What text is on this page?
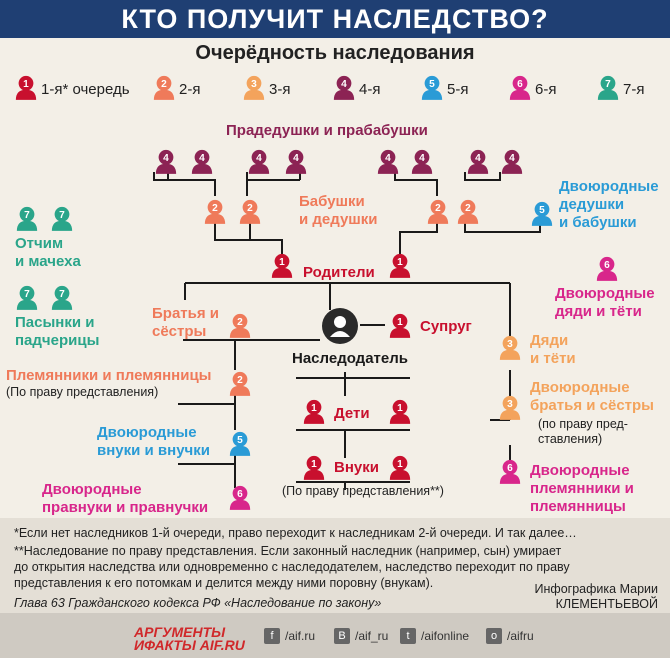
КТО ПОЛУЧИТ НАСЛЕДСТВО?
Очерёдность наследования
1 1-я* очередь	2 2-я	3 3-я	4 4-я	5 5-я	6 6-я	7 7-я
4	4	4	4	4	4	4	4
2	2	2 2	5
7	7
7	7
1	1	6
2	1
3
2
3
1	1
5
1	1	6
6
Прадедушки и прабабушки
Бабушки
и дедушки
Двоюродные
дедушки
и бабушки
Отчим
и мачеха
Пасынки и
падчерицы
Родители
Двоюродные
дяди и тёти
Братья и
сёстры
Наследодатель
Супруг
Дяди
и тёти
Племянники и племянницы
(По праву представления)	Двоюродные
братья и сёстры
(по праву пред-
ставления)
Дети
Двоюродные
внуки и внучки
Внуки
(По праву представления**)
Двоюродные
племянники и
племянницы
Двоюродные
правнуки и правнучки
*Если нет наследников 1-й очереди, право переходит к наследникам 2-й очереди. И так далее…
**Наследование по праву представления. Если законный наследник (например, сын) умирает
до открытия наследства или одновременно с наследодателем, наследство переходит по праву
представления к его потомкам и делится между ними поровну (внукам).
Глава 63 Гражданского кодекса РФ «Наследование по закону»
Инфографика Марии
КЛЕМЕНТЬЕВОЙ
АРГУМЕНТЫ
ИФАКТЫ AIF.RU
f /aif.ru	В /aif_ru	t /aifonline	o /aifru
